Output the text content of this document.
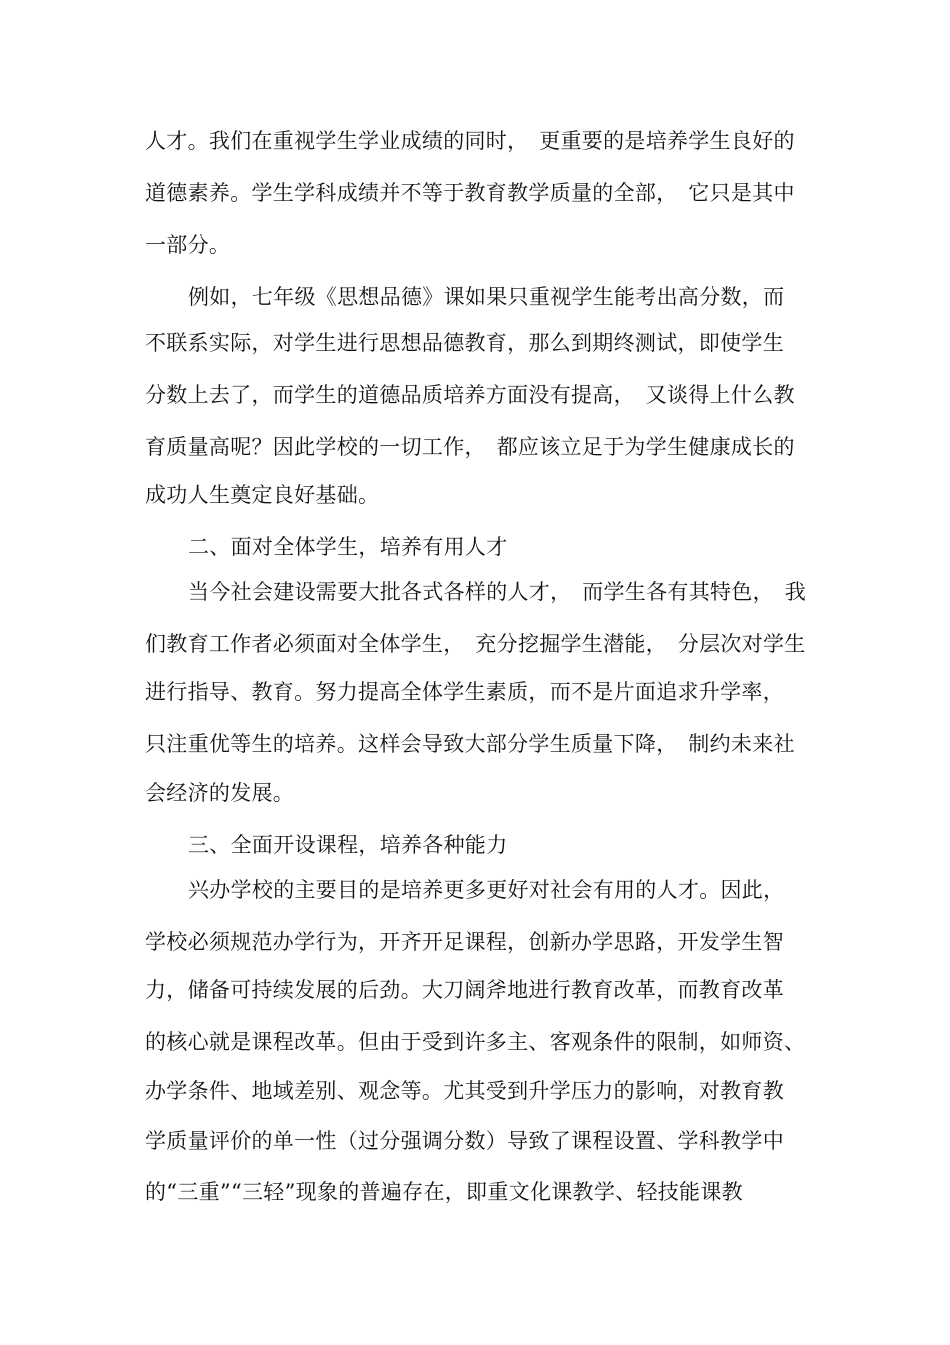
人才。我们在重视学生学业成绩的同时，　更重要的是培养学生良好的

道德素养。学生学科成绩并不等于教育教学质量的全部，　它只是其中

一部分。

例如，七年级《思想品德》课如果只重视学生能考出高分数，而

不联系实际，对学生进行思想品德教育，那么到期终测试，即使学生

分数上去了，而学生的道德品质培养方面没有提高，　又谈得上什么教

育质量高呢？因此学校的一切工作，　都应该立足于为学生健康成长的

成功人生奠定良好基础。

二、面对全体学生，培养有用人才

当今社会建设需要大批各式各样的人才，　而学生各有其特色，　我

们教育工作者必须面对全体学生，　充分挖掘学生潜能，　分层次对学生

进行指导、教育。努力提高全体学生素质，而不是片面追求升学率，

只注重优等生的培养。这样会导致大部分学生质量下降，　制约未来社

会经济的发展。

三、全面开设课程，培养各种能力

兴办学校的主要目的是培养更多更好对社会有用的人才。因此，

学校必须规范办学行为，开齐开足课程，创新办学思路，开发学生智

力，储备可持续发展的后劲。大刀阔斧地进行教育改革，而教育改革

的核心就是课程改革。但由于受到许多主、客观条件的限制，如师资、

办学条件、地域差别、观念等。尤其受到升学压力的影响，对教育教

学质量评价的单一性（过分强调分数）导致了课程设置、学科教学中

的“三重”“三轻”现象的普遍存在，即重文化课教学、轻技能课教
